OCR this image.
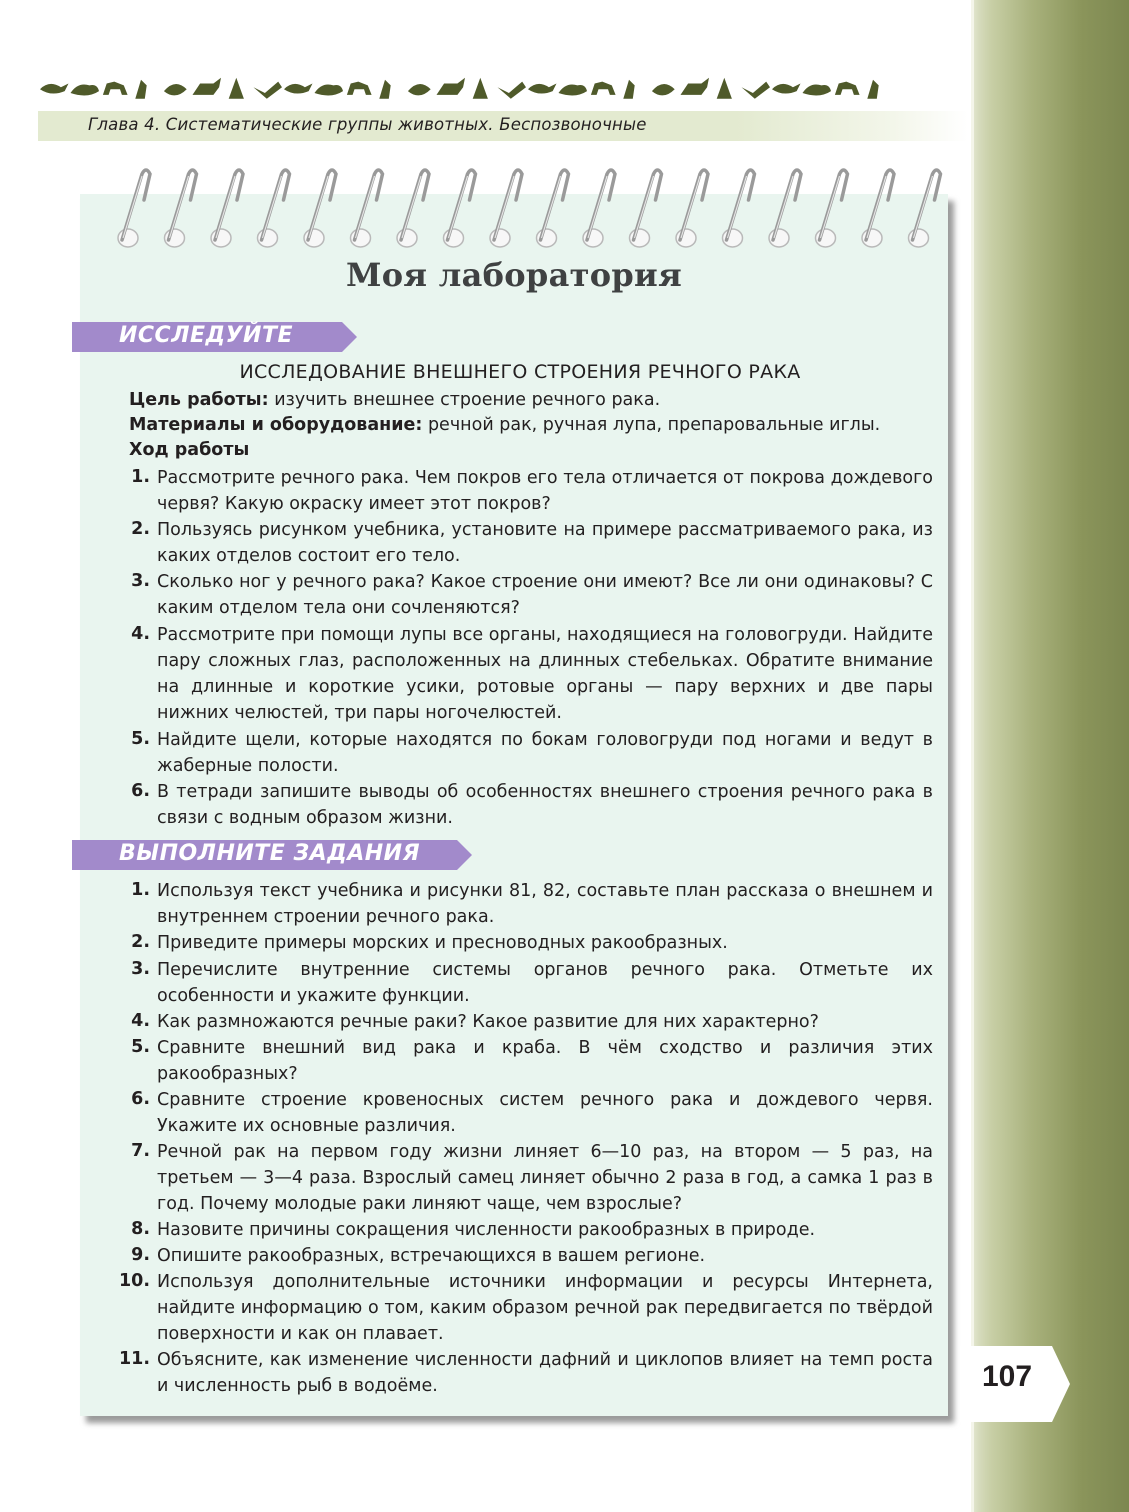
Глава 4. Систематические группы животных. Беспозвоночные
Моя лаборатория
ИССЛЕДУЙТЕ
ИССЛЕДОВАНИЕ ВНЕШНЕГО СТРОЕНИЯ РЕЧНОГО РАКА
Цель работы: изучить внешнее строение речного рака.
Материалы и оборудование: речной рак, ручная лупа, препаровальные иглы.
Ход работы
1. Рассмотрите речного рака. Чем покров его тела отличается от покрова дождевого червя? Какую окраску имеет этот покров?
2. Пользуясь рисунком учебника, установите на примере рассматриваемого рака, из каких отделов состоит его тело.
3. Сколько ног у речного рака? Какое строение они имеют? Все ли они одинаковы? С каким отделом тела они сочленяются?
4. Рассмотрите при помощи лупы все органы, находящиеся на головогруди. Найдите пару сложных глаз, расположенных на длинных стебельках. Обратите внимание на длинные и короткие усики, ротовые органы — пару верхних и две пары нижних челюстей, три пары ногочелюстей.
5. Найдите щели, которые находятся по бокам головогруди под ногами и ведут в жаберные полости.
6. В тетради запишите выводы об особенностях внешнего строения речного рака в связи с водным образом жизни.
ВЫПОЛНИТЕ ЗАДАНИЯ
1. Используя текст учебника и рисунки 81, 82, составьте план рассказа о внешнем и внутреннем строении речного рака.
2. Приведите примеры морских и пресноводных ракообразных.
3. Перечислите внутренние системы органов речного рака. Отметьте их особенности и укажите функции.
4. Как размножаются речные раки? Какое развитие для них характерно?
5. Сравните внешний вид рака и краба. В чём сходство и различия этих ракообразных?
6. Сравните строение кровеносных систем речного рака и дождевого червя. Укажите их основные различия.
7. Речной рак на первом году жизни линяет 6—10 раз, на втором — 5 раз, на третьем — 3—4 раза. Взрослый самец линяет обычно 2 раза в год, а самка 1 раз в год. Почему молодые раки линяют чаще, чем взрослые?
8. Назовите причины сокращения численности ракообразных в природе.
9. Опишите ракообразных, встречающихся в вашем регионе.
10. Используя дополнительные источники информации и ресурсы Интернета, найдите информацию о том, каким образом речной рак передвигается по твёрдой поверхности и как он плавает.
11. Объясните, как изменение численности дафний и циклопов влияет на темп роста и численность рыб в водоёме.	107
